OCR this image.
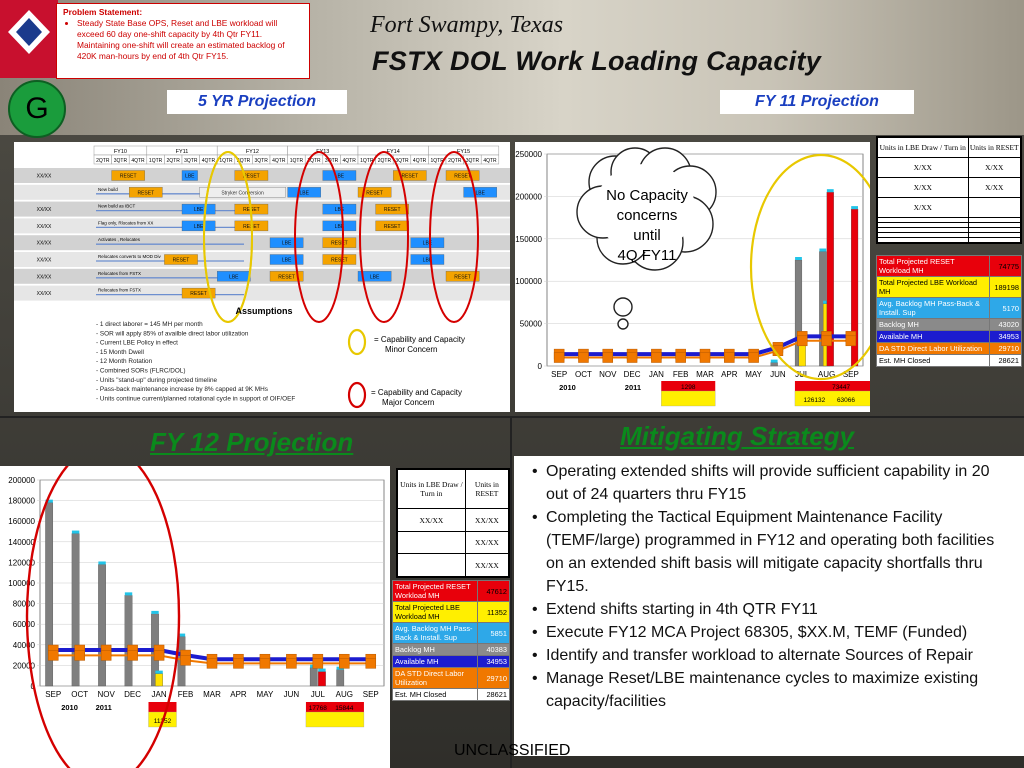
Problem Statement:
• Steady State Base OPS, Reset and LBE workload will exceed 60 day one-shift capacity by 4th Qtr FY11. Maintaining one-shift will create an estimated backlog of 420K man-hours by end of 4th Qtr FY15.
G
Fort Swampy, Texas
FSTX DOL Work Loading Capacity
5 YR Projection	FY 11 Projection
FY10	FY11	FY12	FY13	FY14	FY15
2QTR 3QTR 4QTR 1QTR 2QTR 3QTR 4QTR 1QTR 2QTR 3QTR 4QTR 1QTR 2QTR 3QTR 4QTR 1QTR 2QTR 3QTR 4QTR 1QTR 2QTR 3QTR 4QTR
XX/XX	RESET	LBE	RESET	LBE	RESET	RESET
New build
RESET	Stryker Conversion	LBE	RESET	LBE
XX/XX
New build as IBCT
LBE	RESET	LBE	RESET
XX/XX
Flag only, Rlocates from XX
LBE	RESET	LBE	RESET
XX/XX
Activates , Relocates
LBE	RESET	LBE
XX/XX
Relocates converts to MOD Div
RESET	LBE	RESET	LBE
XX/XX
Relocates from FSTX
LBE	RESET	LBE	RESET
XX/XX
Relocates from FSTX
RESET
Assumptions
- 1 direct laborer = 145 MH per month
- SOR will apply 85% of availble direct labor utilization
- Current LBE Policy in effect
- 15 Month Dwell
- 12 Month Rotation
- Combined SORs (FLRC/DOL)
- Units "stand-up" during projected timeline
- Pass-back maintenance increase by 8% capped at 9K MHs
- Units continue current/planned rotational cycle in support of OIF/OEF
= Capability and Capacity
Minor Concern
= Capability and Capacity
Major Concern
0
50000
100000
150000
200000
250000
SEP OCT NOV DEC JAN FEB MAR APR MAY JUN JUL AUG SEP
2010	2011	1298	73447
126132 63066
No Capacity
concerns
until
4Q FY11
Units in LBE Draw / Turn in	Units in RESET
X/XX	X/XX
X/XX	X/XX
X/XX	

Total Projected RESET Workload MH	74775
Total Projected LBE Workload MH	189198
Avg. Backlog MH Pass-Back & Install. Sup	5170
Backlog MH	43020
Available MH	34953
DA STD Direct Labor Utilization	29710
Est. MH Closed	28621
FY 12 Projection
0
20000
40000
60000
80000
100000
120000
140000
160000
180000
200000
SEP OCT NOV DEC JAN FEB MAR APR MAY JUN JUL AUG SEP
2010 2011	17768 15844
11352
Units in LBE Draw / Turn in	Units in RESET
XX/XX	XX/XX
	XX/XX
	XX/XX
Total Projected RESET Workload MH	47612
Total Projected LBE Workload MH	11352
Avg. Backlog MH Pass-Back & Install. Sup	5851
Backlog MH	40383
Available MH	34953
DA STD Direct Labor Utilization	29710
Est. MH Closed	28621
Mitigating Strategy
• Operating extended shifts will provide sufficient capability in 20 out of 24 quarters thru FY15
• Completing the Tactical Equipment Maintenance Facility (TEMF/large) programmed in FY12 and operating both facilities on an extended shift basis will mitigate capacity shortfalls thru FY15.
• Extend shifts starting in 4th QTR FY11
• Execute FY12 MCA Project 68305, $XX.M, TEMF (Funded)
• Identify and transfer workload to alternate Sources of Repair
• Manage Reset/LBE maintenance cycles to maximize existing capacity/facilities
UNCLASSIFIED
